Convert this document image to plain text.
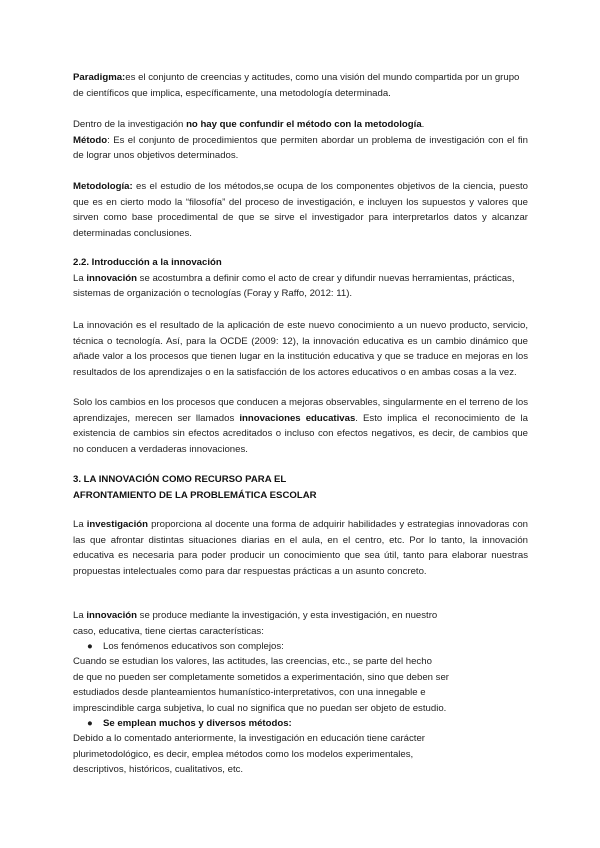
Paradigma:es el conjunto de creencias y actitudes, como una visión del mundo compartida por un grupo de científicos que implica, específicamente, una metodología determinada.

Dentro de la investigación no hay que confundir el método con la metodología.
Método: Es el conjunto de procedimientos que permiten abordar un problema de investigación con el fin de lograr unos objetivos determinados.

Metodología: es el estudio de los métodos,se ocupa de los componentes objetivos de la ciencia, puesto que es en cierto modo la “filosofía” del proceso de investigación, e incluyen los supuestos y valores que sirven como base procedimental de que se sirve el investigador para interpretarlos datos y alcanzar determinadas conclusiones.

2.2. Introducción a la innovación
La innovación se acostumbra a definir como el acto de crear y difundir nuevas herramientas, prácticas, sistemas de organización o tecnologías (Foray y Raffo, 2012: 11).

La innovación es el resultado de la aplicación de este nuevo conocimiento a un nuevo producto, servicio, técnica o tecnología. Así, para la OCDE (2009: 12), la innovación educativa es un cambio dinámico que añade valor a los procesos que tienen lugar en la institución educativa y que se traduce en mejoras en los resultados de los aprendizajes o en la satisfacción de los actores educativos o en ambas cosas a la vez.

Solo los cambios en los procesos que conducen a mejoras observables, singularmente en el terreno de los aprendizajes, merecen ser llamados innovaciones educativas. Esto implica el reconocimiento de la existencia de cambios sin efectos acreditados o incluso con efectos negativos, es decir, de cambios que no conducen a verdaderas innovaciones.

3. LA INNOVACIÓN COMO RECURSO PARA EL
AFRONTAMIENTO DE LA PROBLEMÁTICA ESCOLAR

La investigación proporciona al docente una forma de adquirir habilidades y estrategias innovadoras con las que afrontar distintas situaciones diarias en el aula, en el centro, etc. Por lo tanto, la innovación educativa es necesaria para poder producir un conocimiento que sea útil, tanto para elaborar nuestras propuestas intelectuales como para dar respuestas prácticas a un asunto concreto.

La innovación se produce mediante la investigación, y esta investigación, en nuestro
caso, educativa, tiene ciertas características:

● Los fenómenos educativos son complejos:

Cuando se estudian los valores, las actitudes, las creencias, etc., se parte del hecho
de que no pueden ser completamente sometidos a experimentación, sino que deben ser
estudiados desde planteamientos humanístico-interpretativos, con una innegable e
imprescindible carga subjetiva, lo cual no significa que no puedan ser objeto de estudio.

● Se emplean muchos y diversos métodos:

Debido a lo comentado anteriormente, la investigación en educación tiene carácter
plurimetodológico, es decir, emplea métodos como los modelos experimentales,
descriptivos, históricos, cualitativos, etc.
